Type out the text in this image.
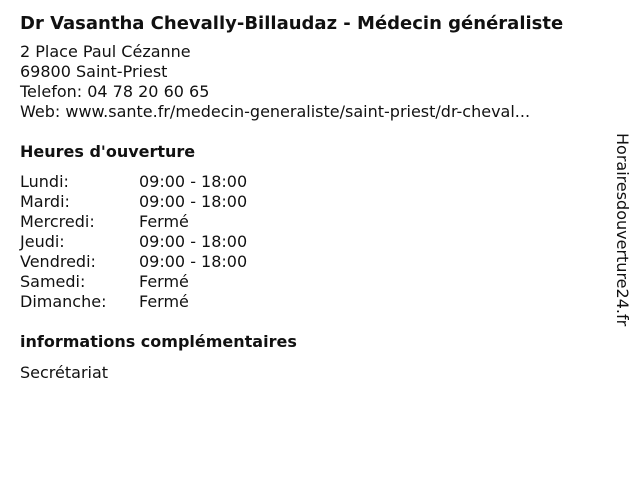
Dr Vasantha Chevally-Billaudaz - Médecin généraliste
2 Place Paul Cézanne
69800 Saint-Priest
Telefon: 04 78 20 60 65
Web: www.sante.fr/medecin-generaliste/saint-priest/dr-cheval...
Heures d'ouverture
Lundi:	09:00 - 18:00
Mardi:	09:00 - 18:00
Mercredi:	Fermé
Jeudi:	09:00 - 18:00
Vendredi:	09:00 - 18:00
Samedi:	Fermé
Dimanche:	Fermé
informations complémentaires
Secrétariat
Horairesdouverture24.fr
